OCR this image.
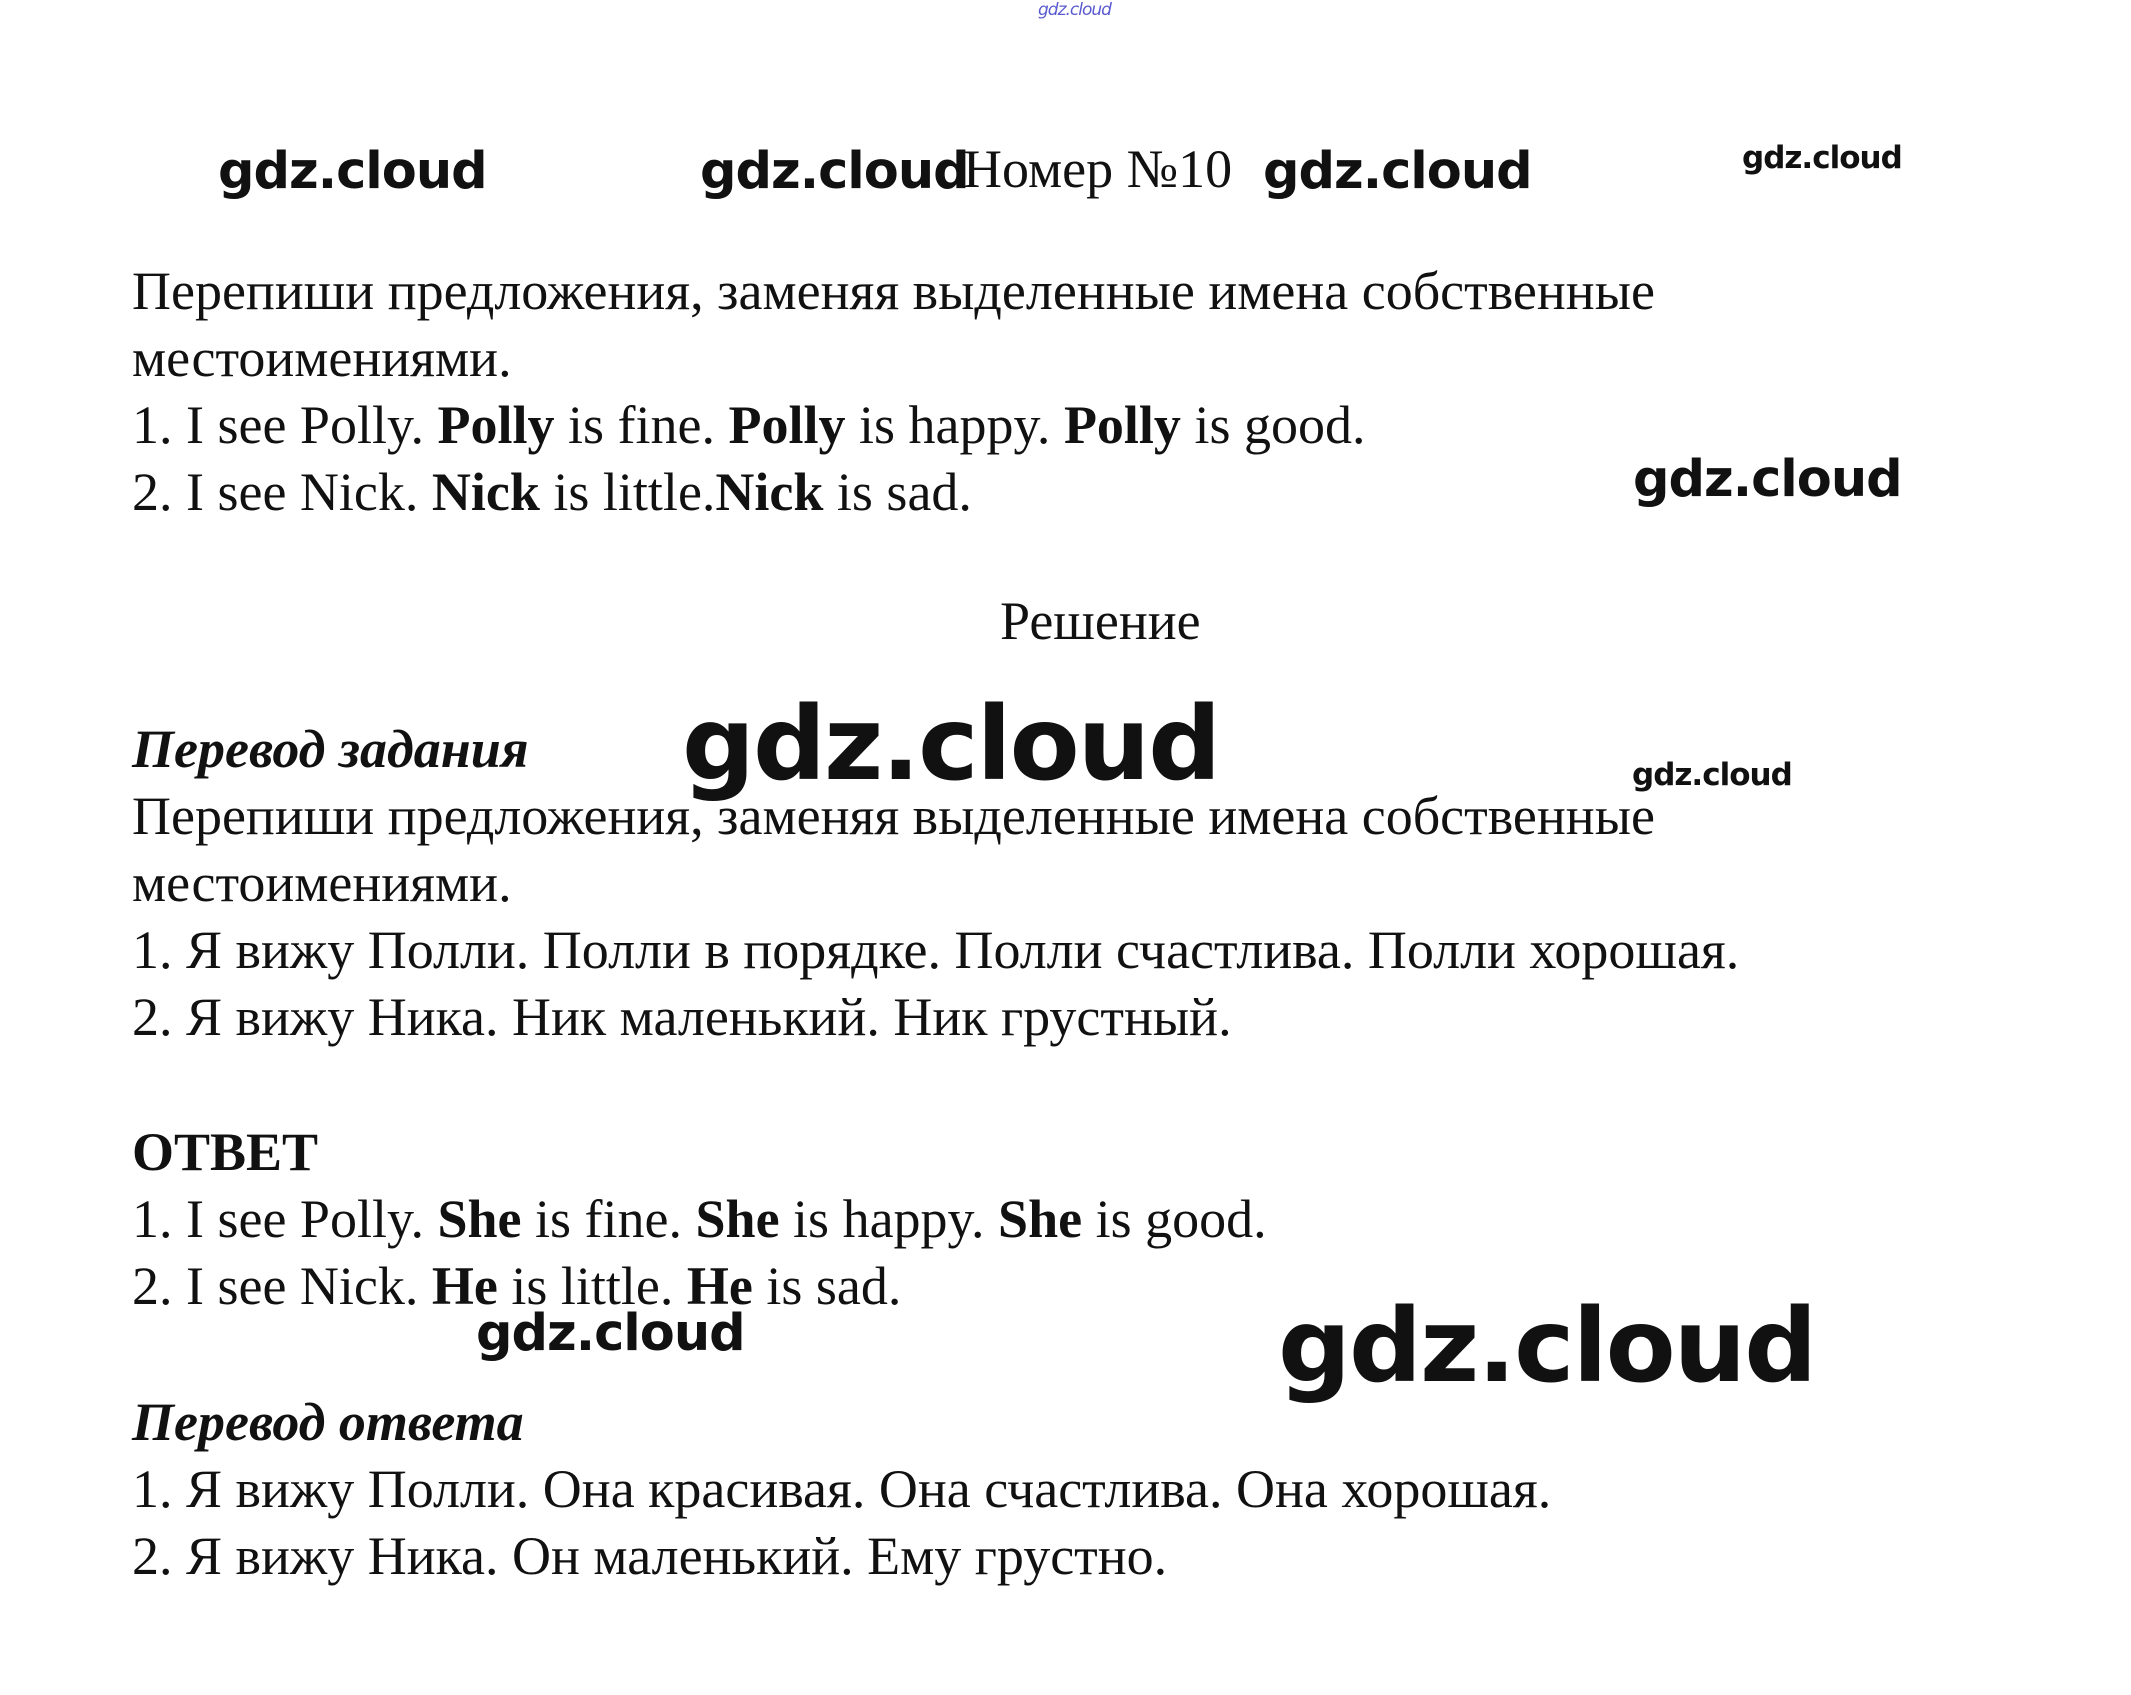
gdz.cloud
gdz.cloud	gdz.cloud	gdz.cloud	gdz.cloud
gdz.cloud
gdz.cloud	gdz.cloud
gdz.cloud	gdz.cloud
Номер №10
Перепиши предложения, заменяя выделенные имена собственные
местоимениями.
1. I see Polly. Polly is fine. Polly is happy. Polly is good.
2. I see Nick. Nick is little.Nick is sad.
Решение
Перевод задания
Перепиши предложения, заменяя выделенные имена собственные
местоимениями.
1. Я вижу Полли. Полли в порядке. Полли счастлива. Полли хорошая.
2. Я вижу Ника. Ник маленький. Ник грустный.
ОТВЕТ
1. I see Polly. She is fine. She is happy. She is good.
2. I see Nick. He is little. He is sad.
Перевод ответа
1. Я вижу Полли. Она красивая. Она счастлива. Она хорошая.
2. Я вижу Ника. Он маленький. Ему грустно.
